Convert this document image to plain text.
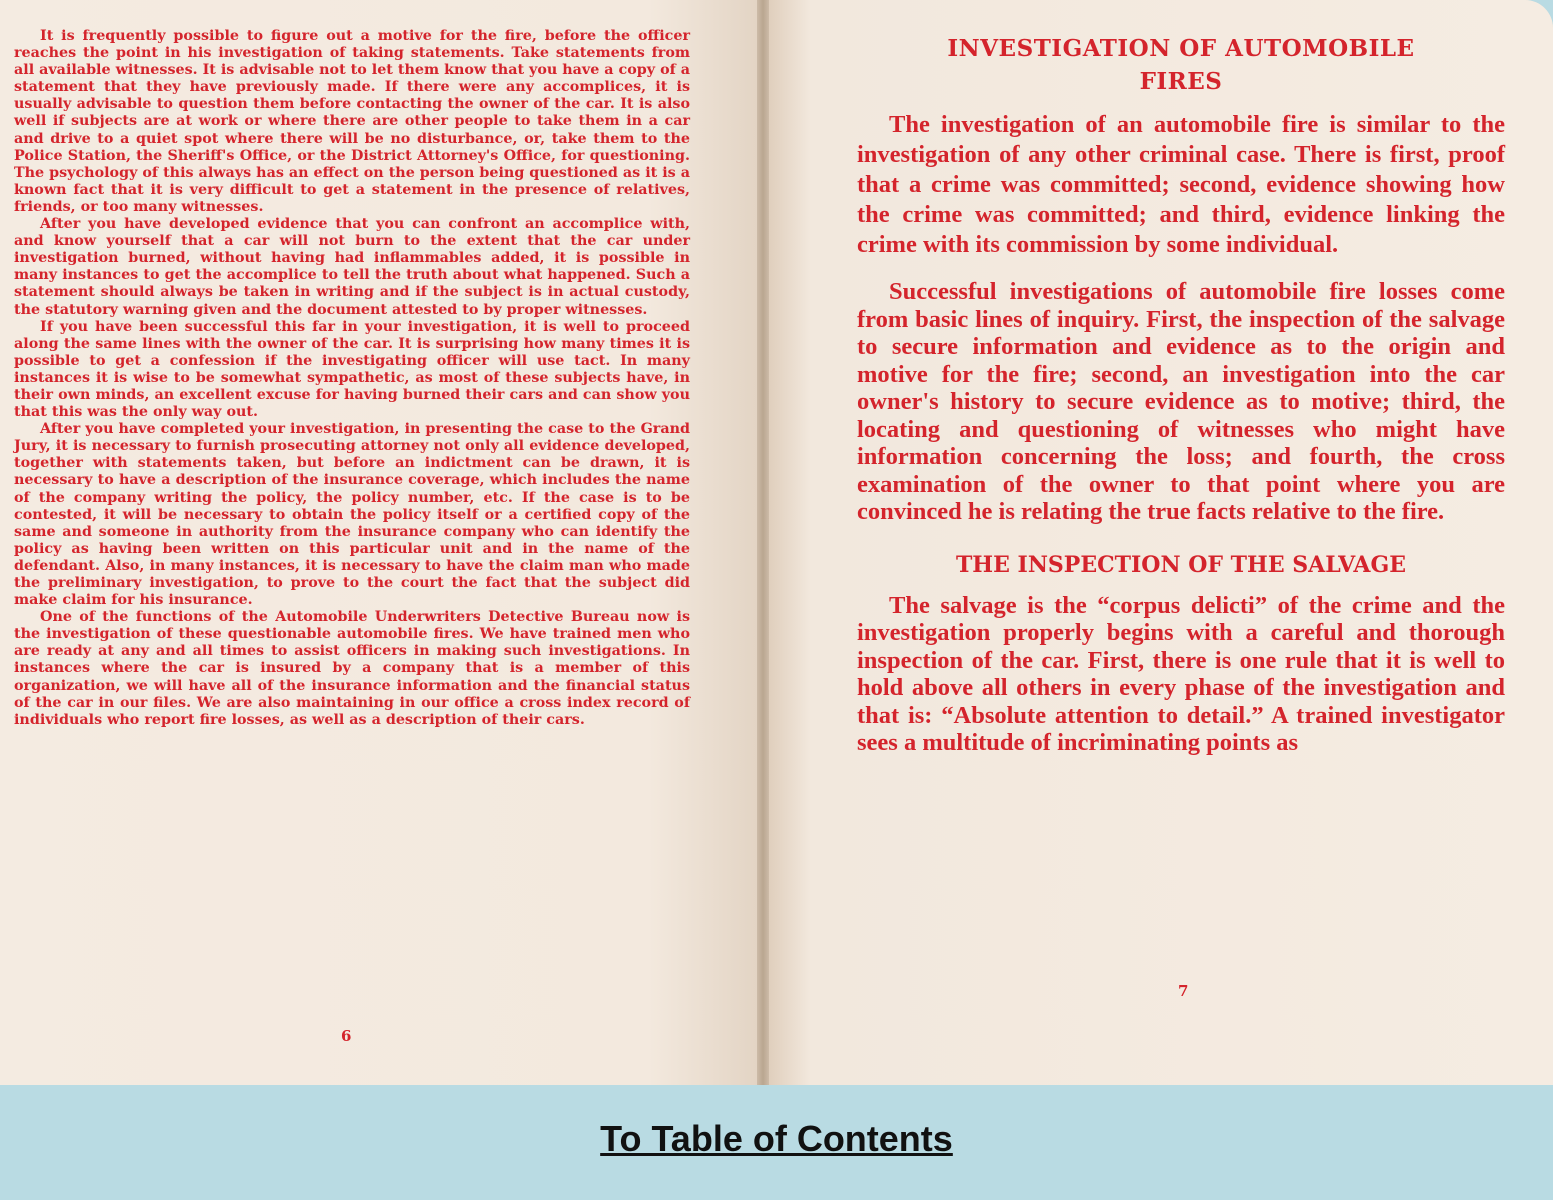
It is frequently possible to figure out a motive for the fire, before the officer reaches the point in his investigation of taking statements. Take statements from all available witnesses. It is advisable not to let them know that you have a copy of a statement that they have previously made. If there were any accomplices, it is usually advisable to question them before contacting the owner of the car. It is also well if subjects are at work or where there are other people to take them in a car and drive to a quiet spot where there will be no disturbance, or, take them to the Police Station, the Sheriff's Office, or the District Attorney's Office, for questioning. The psychology of this always has an effect on the person being questioned as it is a known fact that it is very difficult to get a statement in the presence of relatives, friends, or too many witnesses.

After you have developed evidence that you can confront an accomplice with, and know yourself that a car will not burn to the extent that the car under investigation burned, without having had inflammables added, it is possible in many instances to get the accomplice to tell the truth about what happened. Such a statement should always be taken in writing and if the subject is in actual custody, the statutory warning given and the document attested to by proper witnesses.

If you have been successful this far in your investigation, it is well to proceed along the same lines with the owner of the car. It is surprising how many times it is possible to get a confession if the investigating officer will use tact. In many instances it is wise to be somewhat sympathetic, as most of these subjects have, in their own minds, an excellent excuse for having burned their cars and can show you that this was the only way out.

After you have completed your investigation, in presenting the case to the Grand Jury, it is necessary to furnish prosecuting attorney not only all evidence developed, together with statements taken, but before an indictment can be drawn, it is necessary to have a description of the insurance coverage, which includes the name of the company writing the policy, the policy number, etc. If the case is to be contested, it will be necessary to obtain the policy itself or a certified copy of the same and someone in authority from the insurance company who can identify the policy as having been written on this particular unit and in the name of the defendant. Also, in many instances, it is necessary to have the claim man who made the preliminary investigation, to prove to the court the fact that the subject did make claim for his insurance.

One of the functions of the Automobile Underwriters Detective Bureau now is the investigation of these questionable automobile fires. We have trained men who are ready at any and all times to assist officers in making such investigations. In instances where the car is insured by a company that is a member of this organization, we will have all of the insurance information and the financial status of the car in our files. We are also maintaining in our office a cross index record of individuals who report fire losses, as well as a description of their cars.

6
INVESTIGATION OF AUTOMOBILE
FIRES

The investigation of an automobile fire is similar to the investigation of any other criminal case. There is first, proof that a crime was committed; second, evidence showing how the crime was committed; and third, evidence linking the crime with its commission by some individual.

Successful investigations of automobile fire losses come from basic lines of inquiry. First, the inspection of the salvage to secure information and evidence as to the origin and motive for the fire; second, an investigation into the car owner's history to secure evidence as to motive; third, the locating and questioning of witnesses who might have information concerning the loss; and fourth, the cross examination of the owner to that point where you are convinced he is relating the true facts relative to the fire.

THE INSPECTION OF THE SALVAGE

The salvage is the “corpus delicti” of the crime and the investigation properly begins with a careful and thorough inspection of the car. First, there is one rule that it is well to hold above all others in every phase of the investigation and that is: “Absolute attention to detail.” A trained investigator sees a multitude of incriminating points as

7
To Table of Contents
